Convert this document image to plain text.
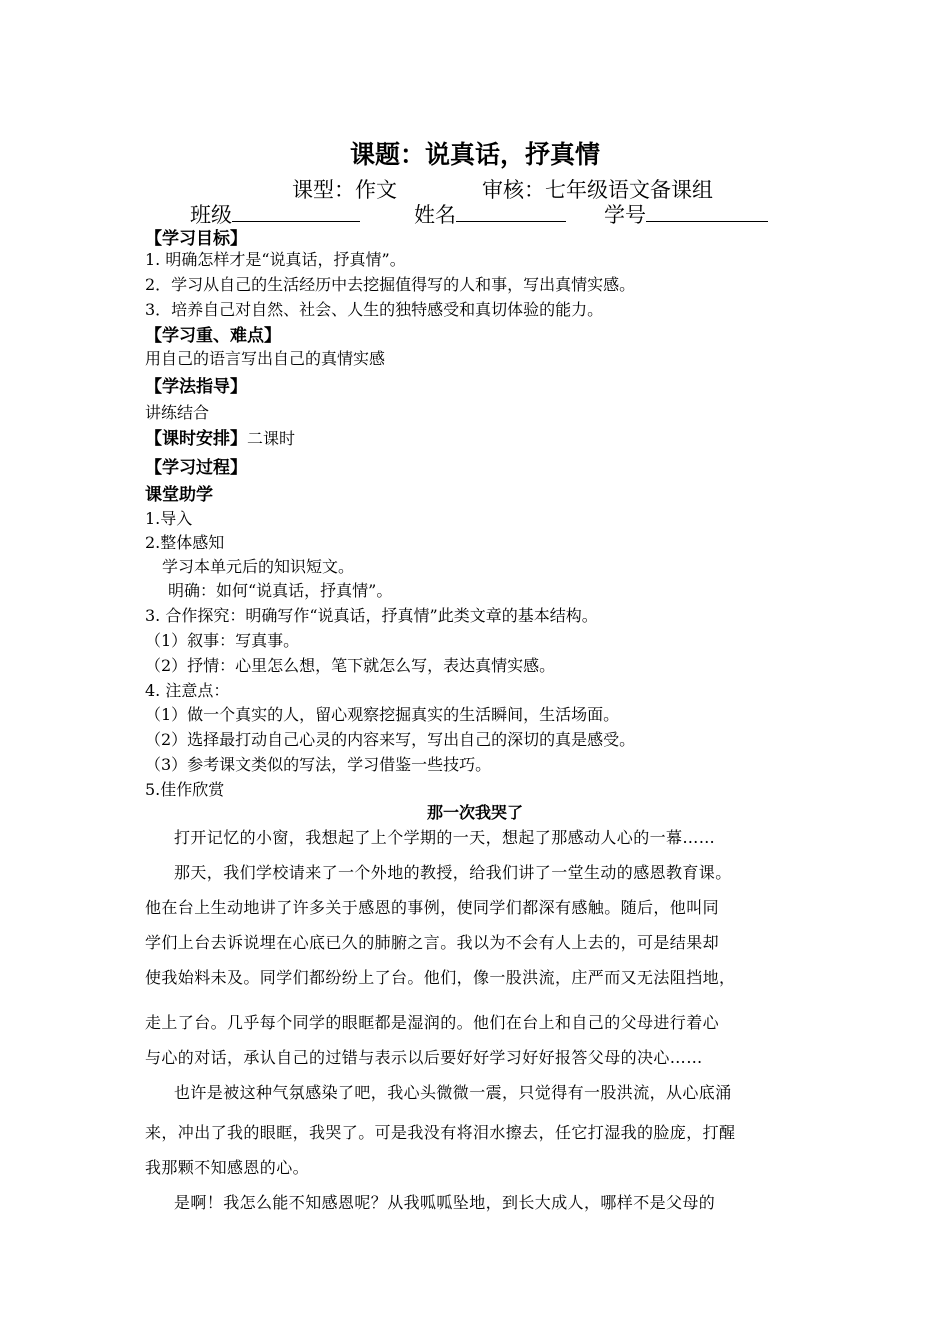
课题：说真话，抒真情
课型：作文	审核：七年级语文备课组
班级	姓名	学号
【学习目标】
1. 明确怎样才是“说真话，抒真情”。
2．学习从自己的生活经历中去挖掘值得写的人和事，写出真情实感。
3．培养自己对自然、社会、人生的独特感受和真切体验的能力。
【学习重、难点】
用自己的语言写出自己的真情实感
【学法指导】
讲练结合
【课时安排】二课时
【学习过程】
课堂助学
1.导入
2.整体感知
学习本单元后的知识短文。
明确：如何“说真话，抒真情”。
3. 合作探究：明确写作“说真话，抒真情”此类文章的基本结构。
（1）叙事：写真事。
（2）抒情：心里怎么想，笔下就怎么写，表达真情实感。
4. 注意点：
（1）做一个真实的人，留心观察挖掘真实的生活瞬间，生活场面。
（2）选择最打动自己心灵的内容来写，写出自己的深切的真是感受。
（3）参考课文类似的写法，学习借鉴一些技巧。
5.佳作欣赏
那一次我哭了
打开记忆的小窗，我想起了上个学期的一天，想起了那感动人心的一幕……
那天，我们学校请来了一个外地的教授，给我们讲了一堂生动的感恩教育课。
他在台上生动地讲了许多关于感恩的事例，使同学们都深有感触。随后，他叫同
学们上台去诉说埋在心底已久的肺腑之言。我以为不会有人上去的，可是结果却
使我始料未及。同学们都纷纷上了台。他们，像一股洪流，庄严而又无法阻挡地，
走上了台。几乎每个同学的眼眶都是湿润的。他们在台上和自己的父母进行着心
与心的对话，承认自己的过错与表示以后要好好学习好好报答父母的决心……
也许是被这种气氛感染了吧，我心头微微一震，只觉得有一股洪流，从心底涌
来，冲出了我的眼眶，我哭了。可是我没有将泪水擦去，任它打湿我的脸庞，打醒
我那颗不知感恩的心。
是啊！我怎么能不知感恩呢？从我呱呱坠地，到长大成人，哪样不是父母的
